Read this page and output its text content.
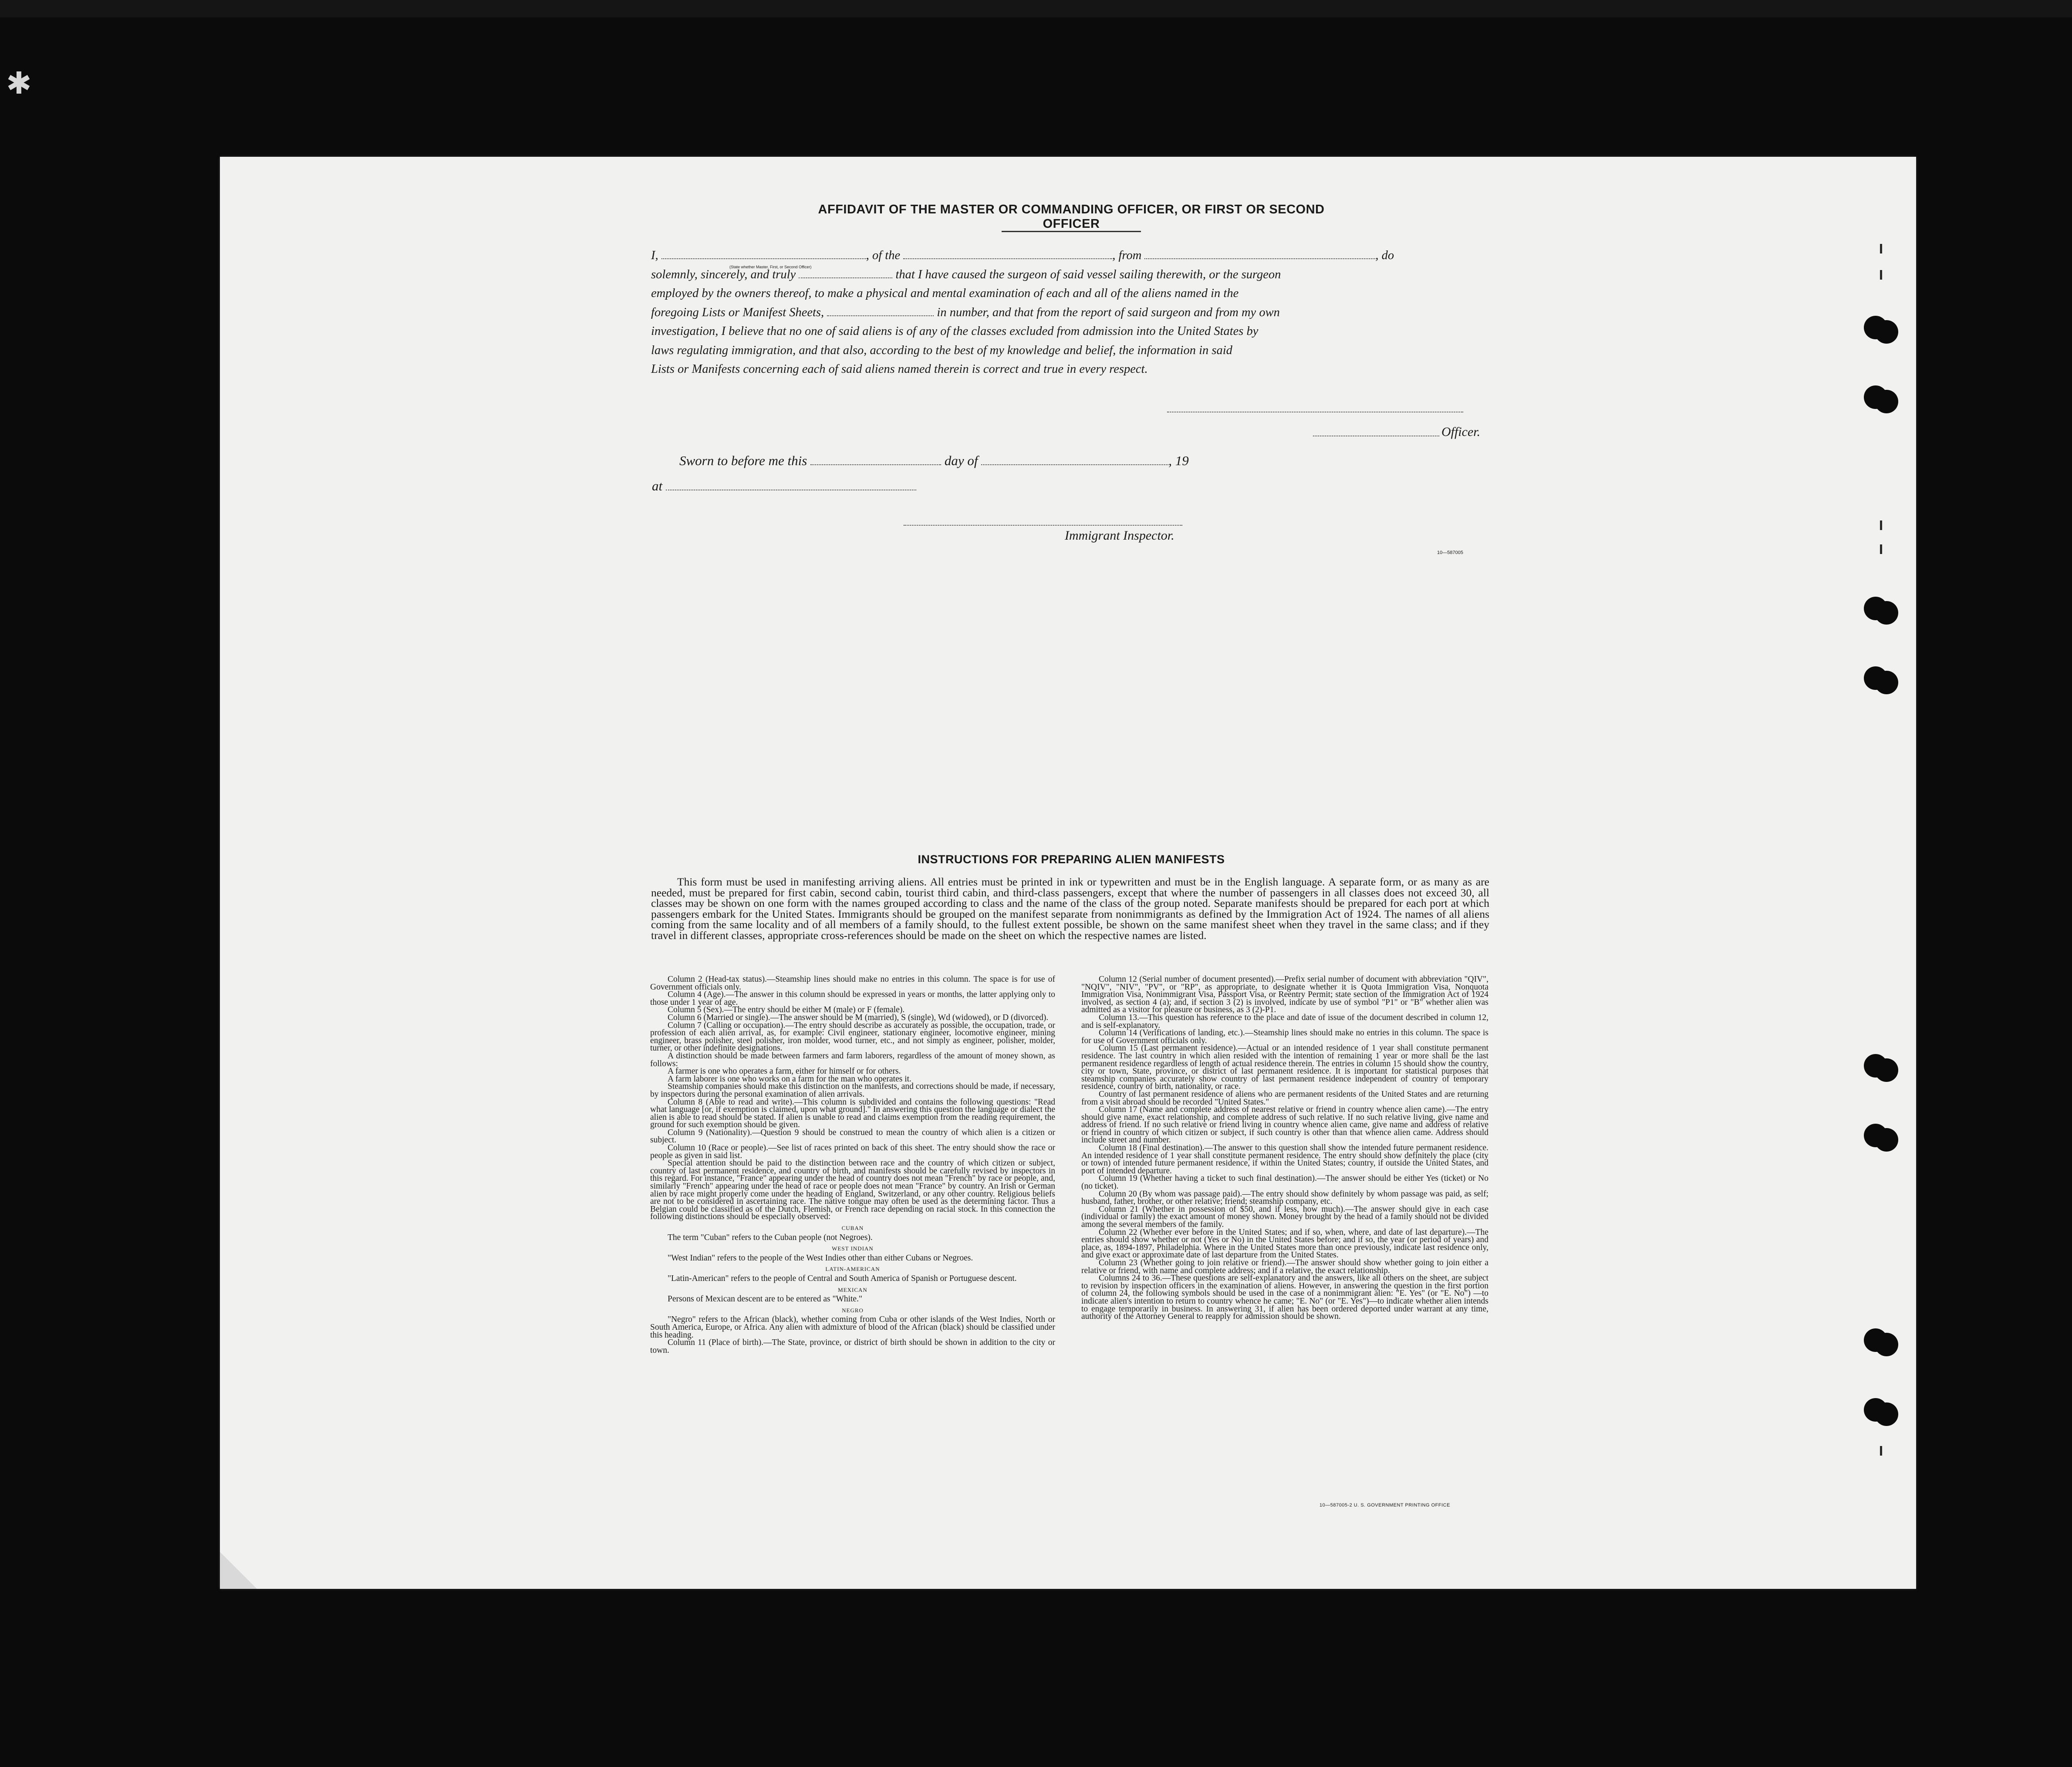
✱
AFFIDAVIT OF THE MASTER OR COMMANDING OFFICER, OR FIRST OR SECOND OFFICER
I,	, of the	, from	, do
solemnly, sincerely, and truly	that I have caused the surgeon of said vessel sailing therewith, or the surgeon
employed by the owners thereof, to make a physical and mental examination of each and all of the aliens named in the
foregoing Lists or Manifest Sheets,	in number, and that from the report of said surgeon and from my own
investigation, I believe that no one of said aliens is of any of the classes excluded from admission into the United States by
laws regulating immigration, and that also, according to the best of my knowledge and belief, the information in said
Lists or Manifests concerning each of said aliens named therein is correct and true in every respect.
(State whether Master, First, or Second Officer)
Officer.
Sworn to before me this	day of	, 19
at
Immigrant Inspector.
10—587005
INSTRUCTIONS FOR PREPARING ALIEN MANIFESTS

This form must be used in manifesting arriving aliens. All entries must be printed in ink or typewritten and must be in the English language. A separate form, or as many as are needed, must be prepared for first cabin, second cabin, tourist third cabin, and third-class passengers, except that where the number of passengers in all classes does not exceed 30, all classes may be shown on one form with the names grouped according to class and the name of the class of the group noted. Separate manifests should be prepared for each port at which passengers embark for the United States. Immigrants should be grouped on the manifest separate from nonimmigrants as defined by the Immigration Act of 1924. The names of all aliens coming from the same locality and of all members of a family should, to the fullest extent possible, be shown on the same manifest sheet when they travel in the same class; and if they travel in different classes, appropriate cross-references should be made on the sheet on which the respective names are listed.

Column 2 (Head-tax status).—Steamship lines should make no entries in this column. The space is for use of Government officials only.

Column 4 (Age).—The answer in this column should be expressed in years or months, the latter applying only to those under 1 year of age.

Column 5 (Sex).—The entry should be either M (male) or F (female).

Column 6 (Married or single).—The answer should be M (married), S (single), Wd (widowed), or D (divorced).

Column 7 (Calling or occupation).—The entry should describe as accurately as possible, the occupation, trade, or profession of each alien arrival, as, for example: Civil engineer, stationary engineer, locomotive engineer, mining engineer, brass polisher, steel polisher, iron molder, wood turner, etc., and not simply as engineer, polisher, molder, turner, or other indefinite designations.

A distinction should be made between farmers and farm laborers, regardless of the amount of money shown, as follows:

A farmer is one who operates a farm, either for himself or for others.

A farm laborer is one who works on a farm for the man who operates it.

Steamship companies should make this distinction on the manifests, and corrections should be made, if necessary, by inspectors during the personal examination of alien arrivals.

Column 8 (Able to read and write).—This column is subdivided and contains the following questions: "Read what language [or, if exemption is claimed, upon what ground]." In answering this question the language or dialect the alien is able to read should be stated. If alien is unable to read and claims exemption from the reading requirement, the ground for such exemption should be given.

Column 9 (Nationality).—Question 9 should be construed to mean the country of which alien is a citizen or subject.

Column 10 (Race or people).—See list of races printed on back of this sheet. The entry should show the race or people as given in said list.

Special attention should be paid to the distinction between race and the country of which citizen or subject, country of last permanent residence, and country of birth, and manifests should be carefully revised by inspectors in this regard. For instance, "France" appearing under the head of country does not mean "French" by race or people, and, similarly "French" appearing under the head of race or people does not mean "France" by country. An Irish or German alien by race might properly come under the heading of England, Switzerland, or any other country. Religious beliefs are not to be considered in ascertaining race. The native tongue may often be used as the determining factor. Thus a Belgian could be classified as of the Dutch, Flemish, or French race depending on racial stock. In this connection the following distinctions should be especially observed:

CUBAN

The term "Cuban" refers to the Cuban people (not Negroes).

WEST INDIAN

"West Indian" refers to the people of the West Indies other than either Cubans or Negroes.

LATIN-AMERICAN

"Latin-American" refers to the people of Central and South America of Spanish or Portuguese descent.

MEXICAN

Persons of Mexican descent are to be entered as "White."

NEGRO

"Negro" refers to the African (black), whether coming from Cuba or other islands of the West Indies, North or South America, Europe, or Africa. Any alien with admixture of blood of the African (black) should be classified under this heading.

Column 11 (Place of birth).—The State, province, or district of birth should be shown in addition to the city or town.

Column 12 (Serial number of document presented).—Prefix serial number of document with abbreviation "QIV", "NQIV", "NIV", "PV", or "RP", as appropriate, to designate whether it is Quota Immigration Visa, Nonquota Immigration Visa, Nonimmigrant Visa, Passport Visa, or Reentry Permit; state section of the Immigration Act of 1924 involved, as section 4 (a); and, if section 3 (2) is involved, indicate by use of symbol "P1" or "B" whether alien was admitted as a visitor for pleasure or business, as 3 (2)-P1.

Column 13.—This question has reference to the place and date of issue of the document described in column 12, and is self-explanatory.

Column 14 (Verifications of landing, etc.).—Steamship lines should make no entries in this column. The space is for use of Government officials only.

Column 15 (Last permanent residence).—Actual or an intended residence of 1 year shall constitute permanent residence. The last country in which alien resided with the intention of remaining 1 year or more shall be the last permanent residence regardless of length of actual residence therein. The entries in column 15 should show the country, city or town, State, province, or district of last permanent residence. It is important for statistical purposes that steamship companies accurately show country of last permanent residence independent of country of temporary residence, country of birth, nationality, or race.

Country of last permanent residence of aliens who are permanent residents of the United States and are returning from a visit abroad should be recorded "United States."

Column 17 (Name and complete address of nearest relative or friend in country whence alien came).—The entry should give name, exact relationship, and complete address of such relative. If no such relative living, give name and address of friend. If no such relative or friend living in country whence alien came, give name and address of relative or friend in country of which citizen or subject, if such country is other than that whence alien came. Address should include street and number.

Column 18 (Final destination).—The answer to this question shall show the intended future permanent residence. An intended residence of 1 year shall constitute permanent residence. The entry should show definitely the place (city or town) of intended future permanent residence, if within the United States; country, if outside the United States, and port of intended departure.

Column 19 (Whether having a ticket to such final destination).—The answer should be either Yes (ticket) or No (no ticket).

Column 20 (By whom was passage paid).—The entry should show definitely by whom passage was paid, as self; husband, father, brother, or other relative; friend; steamship company, etc.

Column 21 (Whether in possession of $50, and if less, how much).—The answer should give in each case (individual or family) the exact amount of money shown. Money brought by the head of a family should not be divided among the several members of the family.

Column 22 (Whether ever before in the United States; and if so, when, where, and date of last departure).—The entries should show whether or not (Yes or No) in the United States before; and if so, the year (or period of years) and place, as, 1894-1897, Philadelphia. Where in the United States more than once previously, indicate last residence only, and give exact or approximate date of last departure from the United States.

Column 23 (Whether going to join relative or friend).—The answer should show whether going to join either a relative or friend, with name and complete address; and if a relative, the exact relationship.

Columns 24 to 36.—These questions are self-explanatory and the answers, like all others on the sheet, are subject to revision by inspection officers in the examination of aliens. However, in answering the question in the first portion of column 24, the following symbols should be used in the case of a nonimmigrant alien: "E. Yes" (or "E. No") —to indicate alien's intention to return to country whence he came; "E. No" (or "E. Yes")—to indicate whether alien intends to engage temporarily in business. In answering 31, if alien has been ordered deported under warrant at any time, authority of the Attorney General to reapply for admission should be shown.

10—587005-2 U. S. GOVERNMENT PRINTING OFFICE
